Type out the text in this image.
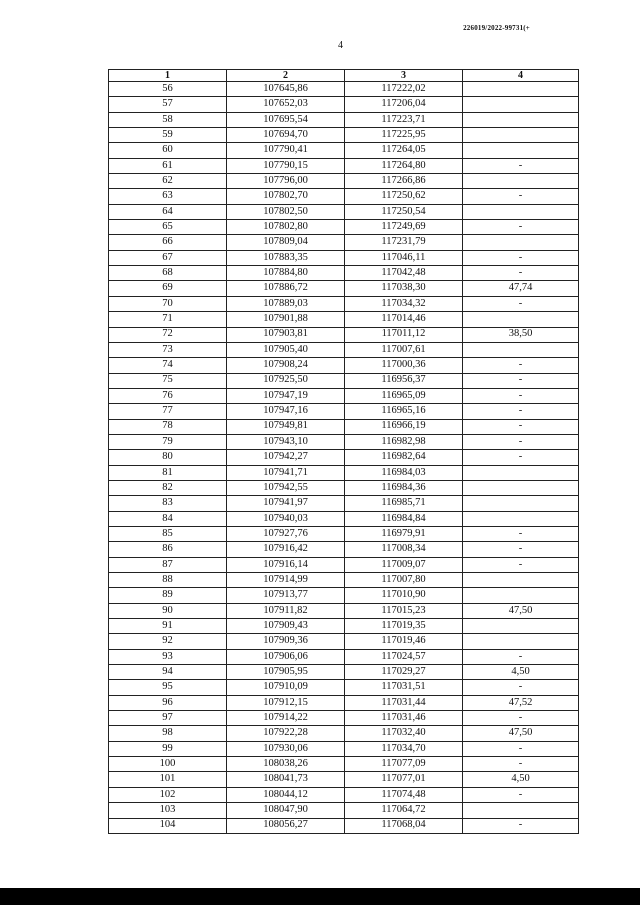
226019/2022-99731(+
4
1	2	3	4
56	107645,86	117222,02	
57	107652,03	117206,04	
58	107695,54	117223,71	
59	107694,70	117225,95	
60	107790,41	117264,05	
61	107790,15	117264,80	-
62	107796,00	117266,86	
63	107802,70	117250,62	-
64	107802,50	117250,54	
65	107802,80	117249,69	-
66	107809,04	117231,79	
67	107883,35	117046,11	-
68	107884,80	117042,48	-
69	107886,72	117038,30	47,74
70	107889,03	117034,32	-
71	107901,88	117014,46	
72	107903,81	117011,12	38,50
73	107905,40	117007,61	
74	107908,24	117000,36	-
75	107925,50	116956,37	-
76	107947,19	116965,09	-
77	107947,16	116965,16	-
78	107949,81	116966,19	-
79	107943,10	116982,98	-
80	107942,27	116982,64	-
81	107941,71	116984,03	
82	107942,55	116984,36	
83	107941,97	116985,71	
84	107940,03	116984,84	
85	107927,76	116979,91	-
86	107916,42	117008,34	-
87	107916,14	117009,07	-
88	107914,99	117007,80	
89	107913,77	117010,90	
90	107911,82	117015,23	47,50
91	107909,43	117019,35	
92	107909,36	117019,46	
93	107906,06	117024,57	-
94	107905,95	117029,27	4,50
95	107910,09	117031,51	-
96	107912,15	117031,44	47,52
97	107914,22	117031,46	-
98	107922,28	117032,40	47,50
99	107930,06	117034,70	-
100	108038,26	117077,09	-
101	108041,73	117077,01	4,50
102	108044,12	117074,48	-
103	108047,90	117064,72	
104	108056,27	117068,04	-
